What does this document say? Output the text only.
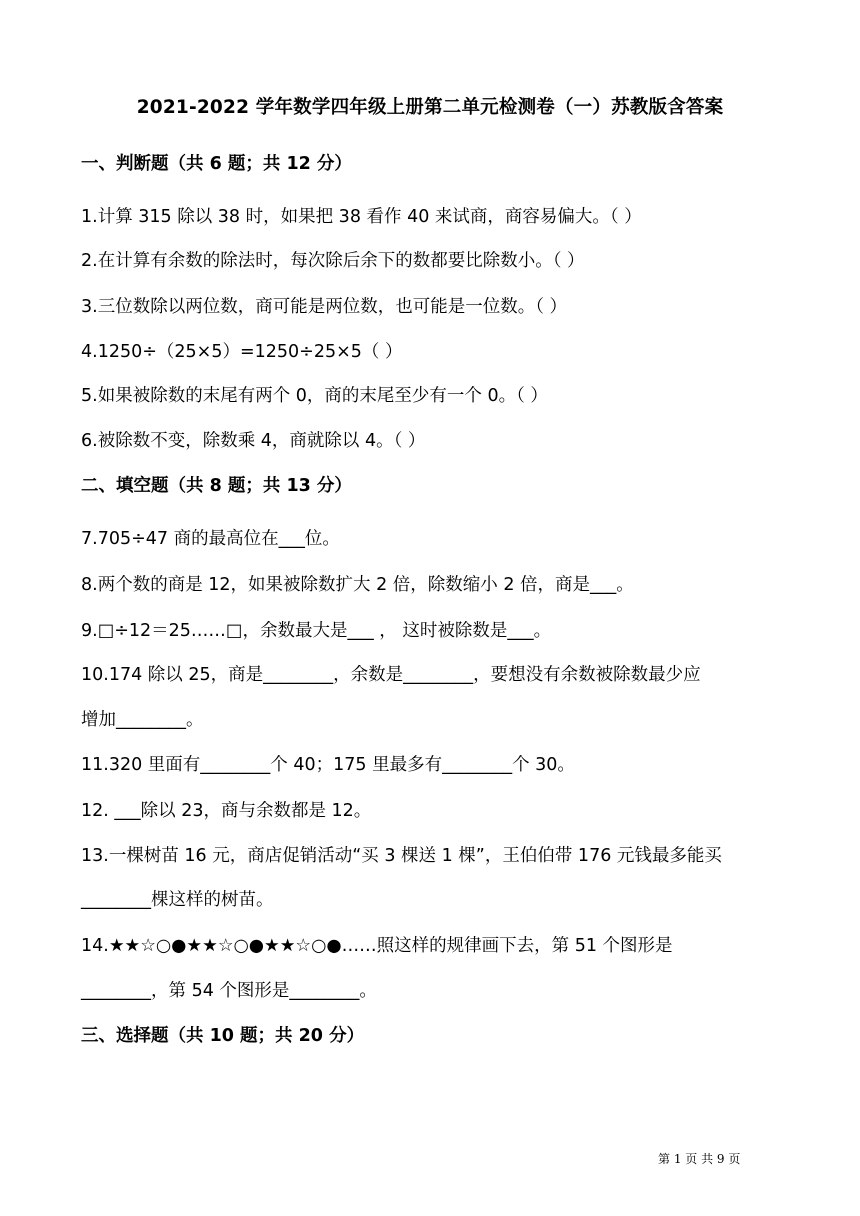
2021-2022 学年数学四年级上册第二单元检测卷（一）苏教版含答案
一、判断题（共 6 题；共 12 分）
1.计算 315 除以 38 时，如果把 38 看作 40 来试商，商容易偏大。（ ）
2.在计算有余数的除法时，每次除后余下的数都要比除数小。（ ）
3.三位数除以两位数，商可能是两位数，也可能是一位数。（ ）
4.1250÷（25×5）=1250÷25×5（ ）
5.如果被除数的末尾有两个 0，商的末尾至少有一个 0。（ ）
6.被除数不变，除数乘 4，商就除以 4。（ ）
二、填空题（共 8 题；共 13 分）
7.705÷47 商的最高位在___位。
8.两个数的商是 12，如果被除数扩大 2 倍，除数缩小 2 倍，商是___。
9.□÷12＝25……□，余数最大是___ ， 这时被除数是___。
10.174 除以 25，商是________，余数是________，要想没有余数被除数最少应
增加________。
11.320 里面有________个 40；175 里最多有________个 30。
12. ___除以 23，商与余数都是 12。
13.一棵树苗 16 元，商店促销活动“买 3 棵送 1 棵”，王伯伯带 176 元钱最多能买
________棵这样的树苗。
14.★★☆○●★★☆○●★★☆○●……照这样的规律画下去，第 51 个图形是
________，第 54 个图形是________。
三、选择题（共 10 题；共 20 分）
第 1 页 共 9 页
